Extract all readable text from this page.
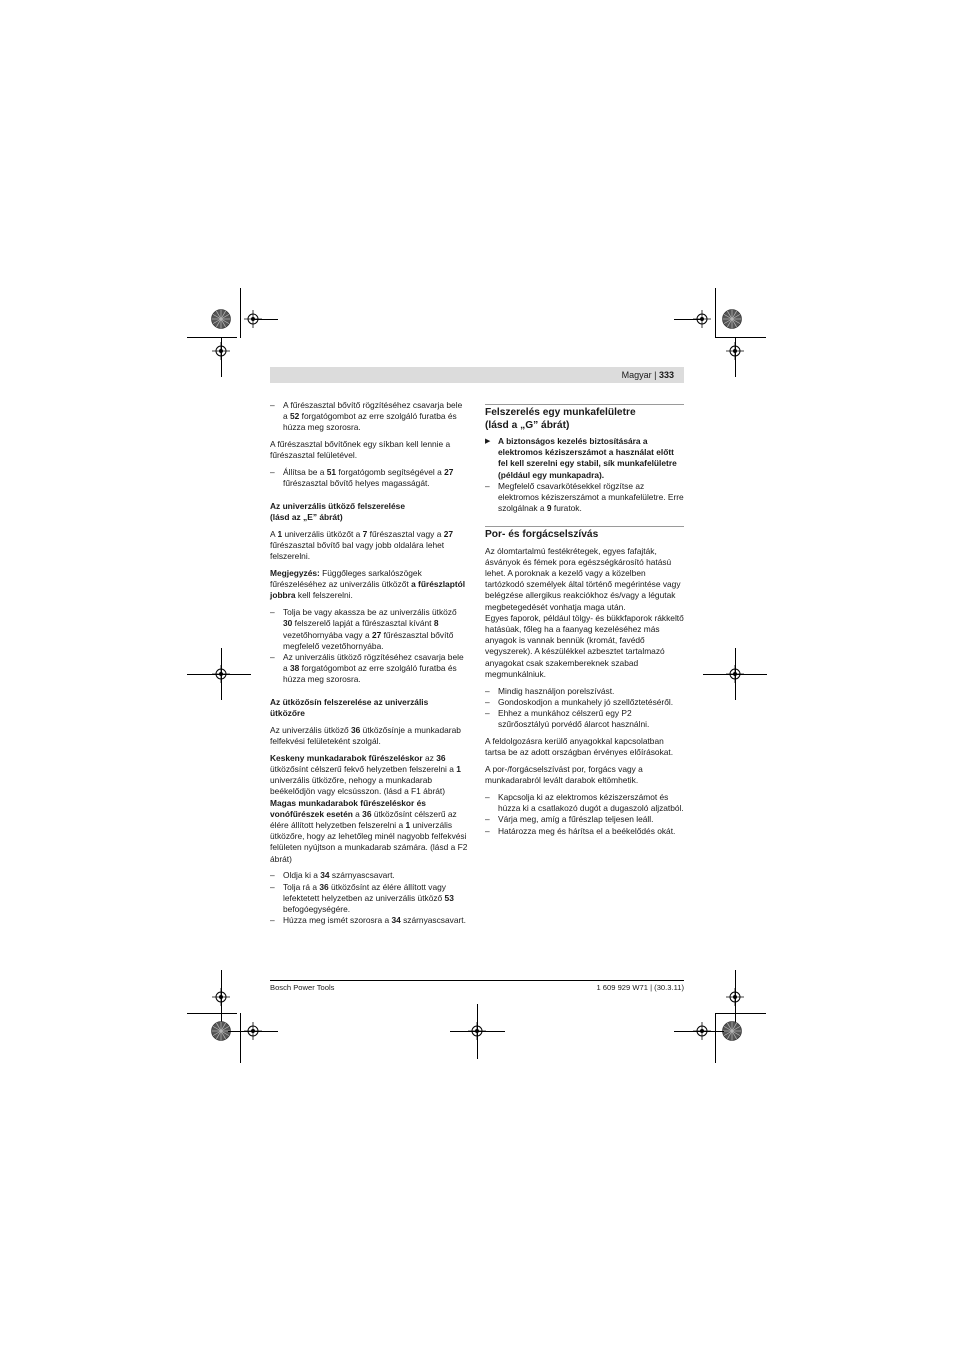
Magyar | 333
– A fűrészasztal bővítő rögzítéséhez csavarja bele a 52 forgatógombot az erre szolgáló furatba és húzza meg szorosra.

A fűrészasztal bővítőnek egy síkban kell lennie a fűrészasztal felületével.

– Állítsa be a 51 forgatógomb segítségével a 27 fűrészasztal bővítő helyes magasságát.
Az univerzális ütköző felszerelése
(lásd az „E” ábrát)

A 1 univerzális ütközőt a 7 fűrészasztal vagy a 27 fűrészasztal bővítő bal vagy jobb oldalára lehet felszerelni.

Megjegyzés: Függőleges sarkalószögek fűrészeléséhez az univerzális ütközőt a fűrészlaptól jobbra kell felszerelni.

– Tolja be vagy akassza be az univerzális ütköző 30 felszerelő lapját a fűrészasztal kívánt 8 vezetőhornyába vagy a 27 fűrészasztal bővítő megfelelő vezetőhornyába.
– Az univerzális ütköző rögzítéséhez csavarja bele a 38 forgatógombot az erre szolgáló furatba és húzza meg szorosra.
Az ütközősín felszerelése az univerzális
ütközőre

Az univerzális ütköző 36 ütközősínje a munkadarab felfekvési felületeként szolgál.

Keskeny munkadarabok fűrészeléskor az 36 ütközősínt célszerű fekvő helyzetben felszerelni a 1 univerzális ütközőre, nehogy a munkadarab beékelődjön vagy elcsússzon. (lásd a F1 ábrát)

Magas munkadarabok fűrészeléskor és vonófűrészek esetén a 36 ütközősínt célszerű az élére állított helyzetben felszerelni a 1 univerzális ütközőre, hogy az lehetőleg minél nagyobb felfekvési felületen nyújtson a munkadarab számára. (lásd a F2 ábrát)

– Oldja ki a 34 szárnyascsavart.
– Tolja rá a 36 ütközősínt az élére állított vagy lefektetett helyzetben az univerzális ütköző 53 befogóegységére.
– Húzza meg ismét szorosra a 34 szárnyascsavart.
Felszerelés egy munkafelületre
(lásd a „G” ábrát)
▶ A biztonságos kezelés biztosítására a elektromos kéziszerszámot a használat előtt fel kell szerelni egy stabil, sík munkafelületre (például egy munkapadra).
– Megfelelő csavarkötésekkel rögzítse az elektromos kéziszerszámot a munkafelületre. Erre szolgálnak a 9 furatok.
Por- és forgácselszívás

Az ólomtartalmú festékrétegek, egyes fafajták, ásványok és fémek pora egészségkárosító hatású lehet. A poroknak a kezelő vagy a közelben tartózkodó személyek által történő megérintése vagy belégzése allergikus reakciókhoz és/vagy a légutak megbetegedését vonhatja maga után.

Egyes faporok, például tölgy- és bükkfaporok rákkeltő hatásúak, főleg ha a faanyag kezeléséhez más anyagok is vannak bennük (kromát, favédő vegyszerek). A készülékkel azbesztet tartalmazó anyagokat csak szakembereknek szabad megmunkálniuk.

– Mindig használjon porelszívást.
– Gondoskodjon a munkahely jó szellőztetéséről.
– Ehhez a munkához célszerű egy P2 szűrőosztályú porvédő álarcot használni.

A feldolgozásra kerülő anyagokkal kapcsolatban tartsa be az adott országban érvényes előírásokat.

A por-/forgácselszívást por, forgács vagy a munkadarabról levált darabok eltömhetik.

– Kapcsolja ki az elektromos kéziszerszámot és húzza ki a csatlakozó dugót a dugaszoló aljzatból.
– Várja meg, amíg a fűrészlap teljesen leáll.
– Határozza meg és hárítsa el a beékelődés okát.
Bosch Power Tools	1 609 929 W71 | (30.3.11)
